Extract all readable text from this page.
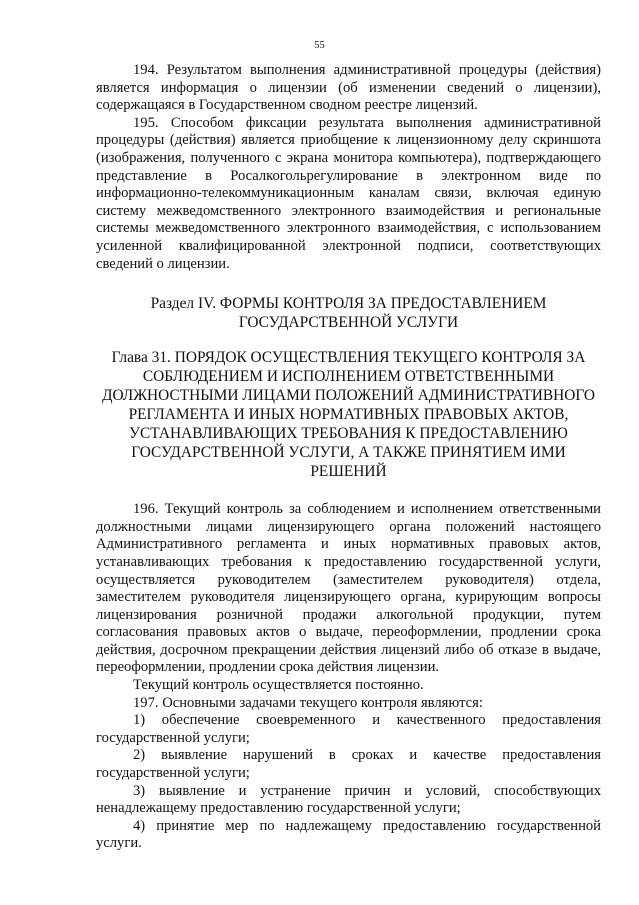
55

194. Результатом выполнения административной процедуры (действия) является информация о лицензии (об изменении сведений о лицензии), содержащаяся в Государственном сводном реестре лицензий.

195. Способом фиксации результата выполнения административной процедуры (действия) является приобщение к лицензионному делу скриншота (изображения, полученного с экрана монитора компьютера), подтверждающего представление в Росалкогольрегулирование в электронном виде по информационно-телекоммуникационным каналам связи, включая единую систему межведомственного электронного взаимодействия и региональные системы межведомственного электронного взаимодействия, с использованием усиленной квалифицированной электронной подписи, соответствующих сведений о лицензии.

Раздел IV. ФОРМЫ КОНТРОЛЯ ЗА ПРЕДОСТАВЛЕНИЕМ
ГОСУДАРСТВЕННОЙ УСЛУГИ
Глава 31. ПОРЯДОК ОСУЩЕСТВЛЕНИЯ ТЕКУЩЕГО КОНТРОЛЯ ЗА
СОБЛЮДЕНИЕМ И ИСПОЛНЕНИЕМ ОТВЕТСТВЕННЫМИ
ДОЛЖНОСТНЫМИ ЛИЦАМИ ПОЛОЖЕНИЙ АДМИНИСТРАТИВНОГО
РЕГЛАМЕНТА И ИНЫХ НОРМАТИВНЫХ ПРАВОВЫХ АКТОВ,
УСТАНАВЛИВАЮЩИХ ТРЕБОВАНИЯ К ПРЕДОСТАВЛЕНИЮ
ГОСУДАРСТВЕННОЙ УСЛУГИ, А ТАКЖЕ ПРИНЯТИЕМ ИМИ
РЕШЕНИЙ

196. Текущий контроль за соблюдением и исполнением ответственными должностными лицами лицензирующего органа положений настоящего Административного регламента и иных нормативных правовых актов, устанавливающих требования к предоставлению государственной услуги, осуществляется руководителем (заместителем руководителя) отдела, заместителем руководителя лицензирующего органа, курирующим вопросы лицензирования розничной продажи алкогольной продукции, путем согласования правовых актов о выдаче, переоформлении, продлении срока действия, досрочном прекращении действия лицензий либо об отказе в выдаче, переоформлении, продлении срока действия лицензии.

Текущий контроль осуществляется постоянно.

197. Основными задачами текущего контроля являются:

1) обеспечение своевременного и качественного предоставления государственной услуги;

2) выявление нарушений в сроках и качестве предоставления государственной услуги;

3) выявление и устранение причин и условий, способствующих ненадлежащему предоставлению государственной услуги;

4) принятие мер по надлежащему предоставлению государственной услуги.
